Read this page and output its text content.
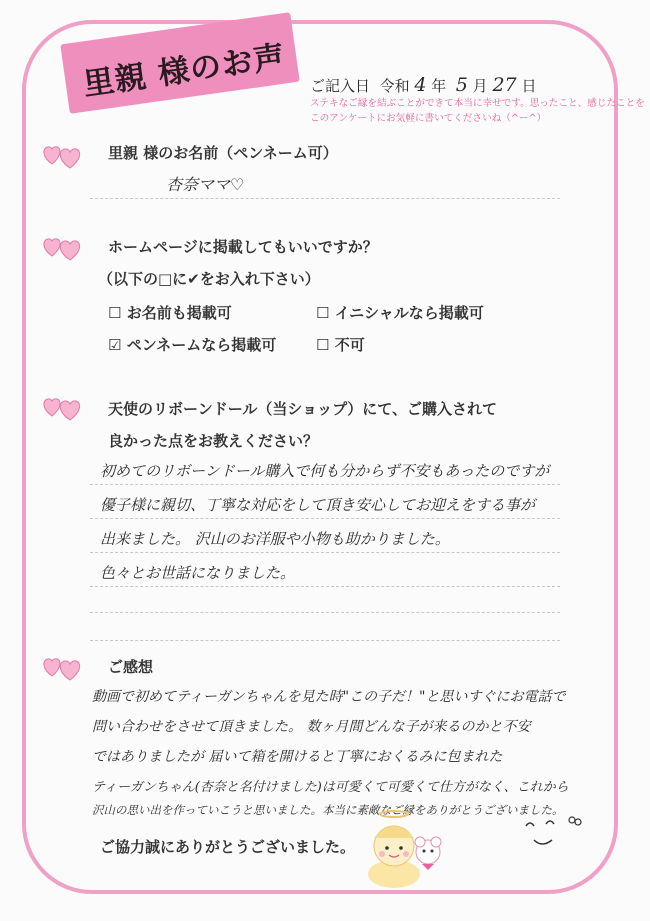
里親 様のお声 ご記入日 令和 4 年 5 月 27 日
ステキなご縁を結ぶことができて本当に幸せです。思ったこと、感じたことを
このアンケートにお気軽に書いてくださいね（^ー^）
里親 様のお名前（ペンネーム可）
杏奈ママ♡
ホームページに掲載してもいいですか？
（以下の□に✔をお入れ下さい）
☐ お名前も掲載可	☐ イニシャルなら掲載可
☑ ペンネームなら掲載可	☐ 不可
天使のリボーンドール（当ショップ）にて、ご購入されて
良かった点をお教えください？
初めてのリボーンドール購入で何も分からず不安もあったのですが
優子様に親切、丁寧な対応をして頂き安心してお迎えをする事が
出来ました。 沢山のお洋服や小物も助かりました。
色々とお世話になりました。
ご感想
動画で初めてティーガンちゃんを見た時"この子だ！"と思いすぐにお電話で
問い合わせをさせて頂きました。 数ヶ月間どんな子が来るのかと不安
ではありましたが 届いて箱を開けると丁寧におくるみに包まれた
ティーガンちゃん(杏奈と名付けました)は可愛くて可愛くて仕方がなく、これから
沢山の思い出を作っていこうと思いました。本当に素敵なご縁をありがとうございました。
ご協力誠にありがとうございました。
